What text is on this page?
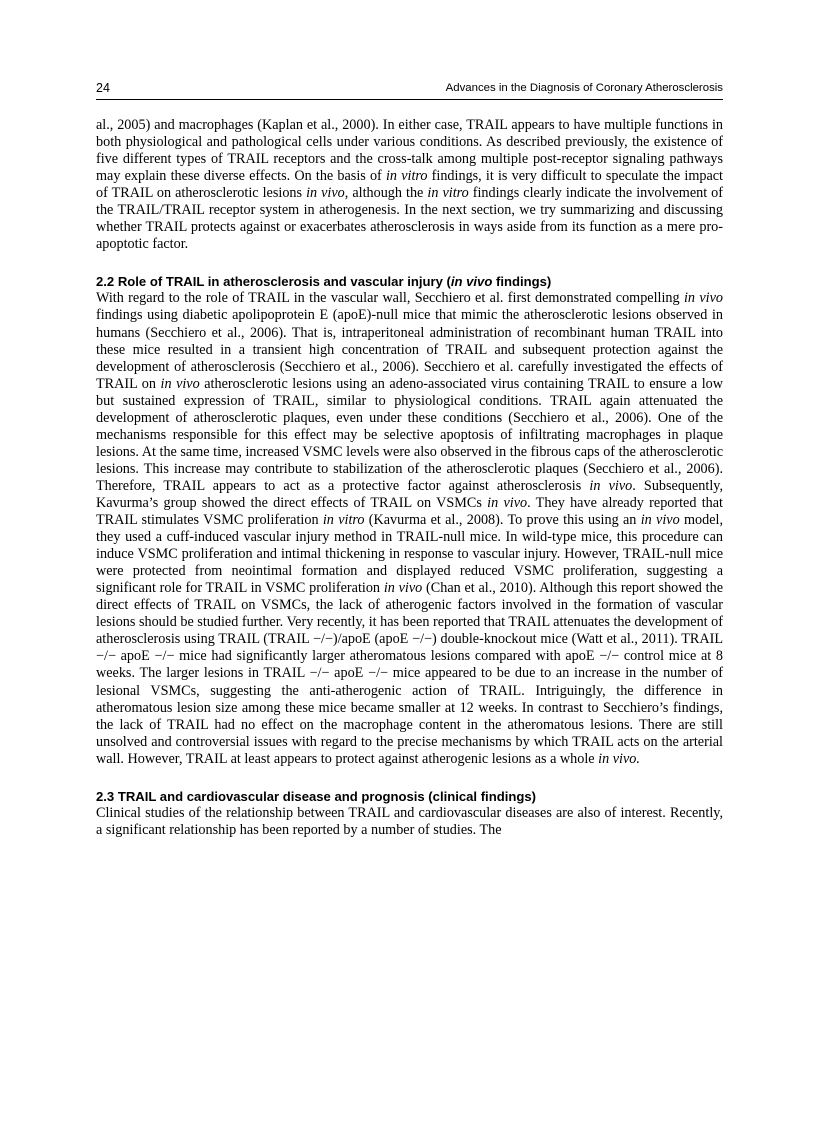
24	Advances in the Diagnosis of Coronary Atherosclerosis

al., 2005) and macrophages (Kaplan et al., 2000). In either case, TRAIL appears to have multiple functions in both physiological and pathological cells under various conditions. As described previously, the existence of five different types of TRAIL receptors and the cross-talk among multiple post-receptor signaling pathways may explain these diverse effects. On the basis of in vitro findings, it is very difficult to speculate the impact of TRAIL on atherosclerotic lesions in vivo, although the in vitro findings clearly indicate the involvement of the TRAIL/TRAIL receptor system in atherogenesis. In the next section, we try summarizing and discussing whether TRAIL protects against or exacerbates atherosclerosis in ways aside from its function as a mere pro-apoptotic factor.

2.2 Role of TRAIL in atherosclerosis and vascular injury (in vivo findings)

With regard to the role of TRAIL in the vascular wall, Secchiero et al. first demonstrated compelling in vivo findings using diabetic apolipoprotein E (apoE)-null mice that mimic the atherosclerotic lesions observed in humans (Secchiero et al., 2006). That is, intraperitoneal administration of recombinant human TRAIL into these mice resulted in a transient high concentration of TRAIL and subsequent protection against the development of atherosclerosis (Secchiero et al., 2006). Secchiero et al. carefully investigated the effects of TRAIL on in vivo atherosclerotic lesions using an adeno-associated virus containing TRAIL to ensure a low but sustained expression of TRAIL, similar to physiological conditions. TRAIL again attenuated the development of atherosclerotic plaques, even under these conditions (Secchiero et al., 2006). One of the mechanisms responsible for this effect may be selective apoptosis of infiltrating macrophages in plaque lesions. At the same time, increased VSMC levels were also observed in the fibrous caps of the atherosclerotic lesions. This increase may contribute to stabilization of the atherosclerotic plaques (Secchiero et al., 2006). Therefore, TRAIL appears to act as a protective factor against atherosclerosis in vivo. Subsequently, Kavurma’s group showed the direct effects of TRAIL on VSMCs in vivo. They have already reported that TRAIL stimulates VSMC proliferation in vitro (Kavurma et al., 2008). To prove this using an in vivo model, they used a cuff-induced vascular injury method in TRAIL-null mice. In wild-type mice, this procedure can induce VSMC proliferation and intimal thickening in response to vascular injury. However, TRAIL-null mice were protected from neointimal formation and displayed reduced VSMC proliferation, suggesting a significant role for TRAIL in VSMC proliferation in vivo (Chan et al., 2010). Although this report showed the direct effects of TRAIL on VSMCs, the lack of atherogenic factors involved in the formation of vascular lesions should be studied further. Very recently, it has been reported that TRAIL attenuates the development of atherosclerosis using TRAIL (TRAIL −/−)/apoE (apoE −/−) double-knockout mice (Watt et al., 2011). TRAIL −/− apoE −/− mice had significantly larger atheromatous lesions compared with apoE −/− control mice at 8 weeks. The larger lesions in TRAIL −/− apoE −/− mice appeared to be due to an increase in the number of lesional VSMCs, suggesting the anti-atherogenic action of TRAIL. Intriguingly, the difference in atheromatous lesion size among these mice became smaller at 12 weeks. In contrast to Secchiero’s findings, the lack of TRAIL had no effect on the macrophage content in the atheromatous lesions. There are still unsolved and controversial issues with regard to the precise mechanisms by which TRAIL acts on the arterial wall. However, TRAIL at least appears to protect against atherogenic lesions as a whole in vivo.

2.3 TRAIL and cardiovascular disease and prognosis (clinical findings)

Clinical studies of the relationship between TRAIL and cardiovascular diseases are also of interest. Recently, a significant relationship has been reported by a number of studies. The
